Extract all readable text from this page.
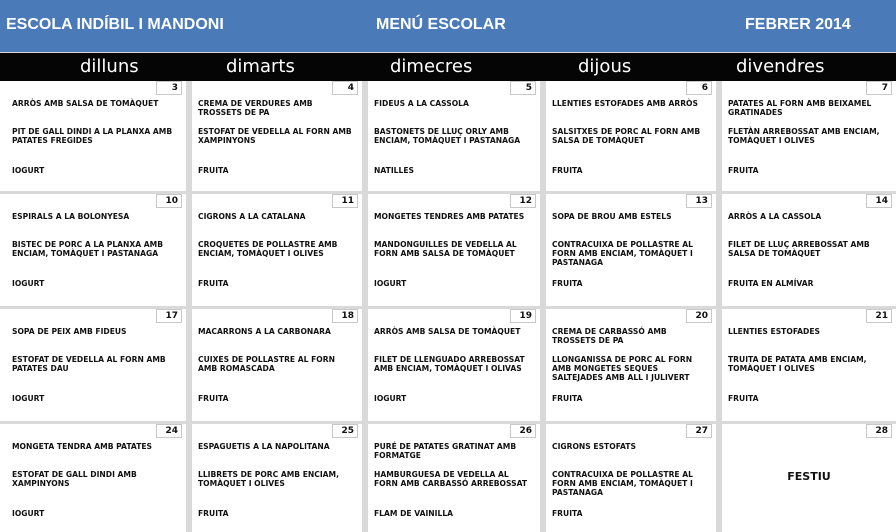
ESCOLA INDÍBIL I MANDONI	MENÚ ESCOLAR	FEBRER 2014
dilluns	dimarts	dimecres	dijous	divendres
3
ARRÒS AMB SALSA DE TOMÀQUET
PIT DE GALL DINDI A LA PLANXA AMB PATATES FREGIDES
IOGURT
4
CREMA DE VERDURES AMB TROSSETS DE PA
ESTOFAT DE VEDELLA AL FORN AMB XAMPINYONS
FRUITA
5
FIDEUS A LA CASSOLA
BASTONETS DE LLUÇ ORLY AMB ENCIAM, TOMÀQUET I PASTANAGA
NATILLES
6
LLENTIES ESTOFADES AMB ARRÒS
SALSITXES DE PORC AL FORN AMB SALSA DE TOMÀQUET
FRUITA
7
PATATES AL FORN AMB BEIXAMEL GRATINADES
FLETÀN ARREBOSSAT AMB ENCIAM, TOMÀQUET I OLIVES
FRUITA
10
ESPIRALS A LA BOLONYESA
BISTEC DE PORC A LA PLANXA AMB ENCIAM, TOMÀQUET I PASTANAGA
IOGURT
11
CIGRONS A LA CATALANA
CROQUETES DE POLLASTRE AMB ENCIAM, TOMÀQUET I OLIVES
FRUITA
12
MONGETES TENDRES AMB PATATES
MANDONGUILLES DE VEDELLA AL FORN AMB SALSA DE TOMÀQUET
IOGURT
13
SOPA DE BROU AMB ESTELS
CONTRACUIXA DE POLLASTRE AL FORN AMB ENCIAM, TOMÀQUET I PASTANAGA
FRUITA
14
ARRÒS A LA CASSOLA
FILET DE LLUÇ ARREBOSSAT AMB SALSA DE TOMÀQUET
FRUITA EN ALMÍVAR
17
SOPA DE PEIX AMB FIDEUS
ESTOFAT DE VEDELLA AL FORN AMB PATATES DAU
IOGURT
18
MACARRONS A LA CARBONARA
CUIXES DE POLLASTRE AL FORN AMB ROMASCADA
FRUITA
19
ARRÒS AMB SALSA DE TOMÀQUET
FILET DE LLENGUADO ARREBOSSAT AMB ENCIAM, TOMÀQUET I OLIVAS
IOGURT
20
CREMA DE CARBASSÓ AMB TROSSETS DE PA
LLONGANISSA DE PORC AL FORN AMB MONGETES SEQUES SALTEJADES AMB ALL I JULIVERT
FRUITA
21
LLENTIES ESTOFADES
TRUITA DE PATATA AMB ENCIAM, TOMÀQUET I OLIVES
FRUITA
24
MONGETA TENDRA AMB PATATES
ESTOFAT DE GALL DINDI AMB XAMPINYONS
IOGURT
25
ESPAGUETIS A LA NAPOLITANA
LLIBRETS DE PORC AMB ENCIAM, TOMÀQUET I OLIVES
FRUITA
26
PURÉ DE PATATES GRATINAT AMB FORMATGE
HAMBURGUESA DE VEDELLA AL FORN AMB CARBASSÓ ARREBOSSAT
FLAM DE VAINILLA
27
CIGRONS ESTOFATS
CONTRACUIXA DE POLLASTRE AL FORN AMB ENCIAM, TOMÀQUET I PASTANAGA
FRUITA
28
FESTIU
